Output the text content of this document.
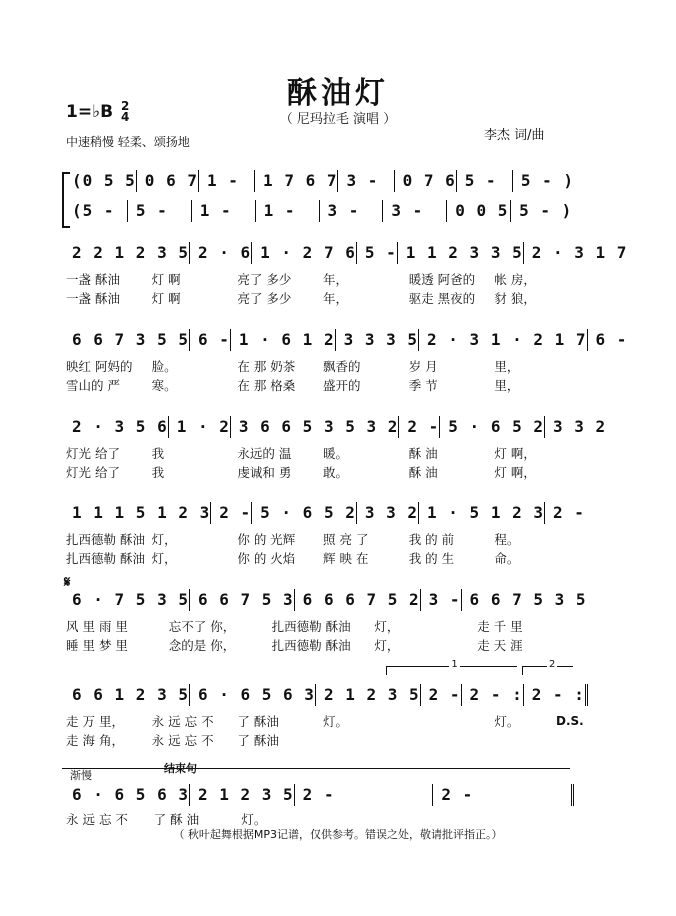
酥油灯
（ 尼玛拉毛 演唱 ）
1=♭B 2
4
中速稍慢 轻柔、颂扬地	李杰 词/曲
(0 5 5 0 6 7 1 -	1 7 6 7 3 -	0 7 6 5 -	5 - )
(5 -	5 -	1 -	1 -	3 -	3 -	0 0 5 5 - )
2 2 1 2 3 5 2 · 6 1 · 2 7 6 5 - 1 1 2 3 3 5 2 · 3 1 7
一盏 酥油	灯 啊	亮了 多少	年，	暖透 阿爸的	帐 房，
一盏 酥油	灯 啊	亮了 多少	年，	驱走 黑夜的	豺 狼，
6 6 7 3 5 5 6 - 1 · 6 1 2 3 3 3 5 2 · 3 1 · 2 1 7 6 -
映红 阿妈的	脸。	在 那 奶茶	飘香的	岁 月	里，
雪山的 严	寒。	在 那 格桑	盛开的	季 节	里，
2 · 3 5 6 1 · 2 3 6 6 5 3 5 3 2 2 - 5 · 6 5 2 3 3 2
灯光 给了	我	永远的 温	暖。	酥 油	灯 啊，
灯光 给了	我	虔诚和 勇	敢。	酥 油	灯 啊，
1 1 1 5 1 2 3 2 - 5 · 6 5 2 3 3 2 1 · 5 1 2 3 2 -
扎西德勒 酥油 灯，	你 的 光辉	照 亮 了	我 的 前	程。
扎西德勒 酥油 灯，	你 的 火焰	辉 映 在	我 的 生	命。
𝄋
6 · 7 5 3 5 6 6 7 5 3 6 6 6 7 5 2 3 - 6 6 7 5 3 5
风 里 雨 里	忘不了 你，	扎西德勒 酥油	灯，	走 千 里
睡 里 梦 里	念的是 你，	扎西德勒 酥油	灯，	走 天 涯
1	2
6 6 1 2 3 5 6 · 6 5 6 3 2 1 2 3 5 2 - 2 - : 2 - :
走 万 里，	永 远 忘 不	了 酥油	灯。	灯。
走 海 角，	永 远 忘 不	了 酥油
D.S.
结束句
渐慢
6 · 6 5 6 3 2 1 2 3 5 2 -	2 -
永 远 忘 不	了 酥 油	灯。
（ 秋叶起舞根据MP3记谱，仅供参考。错误之处，敬请批评指正。）
